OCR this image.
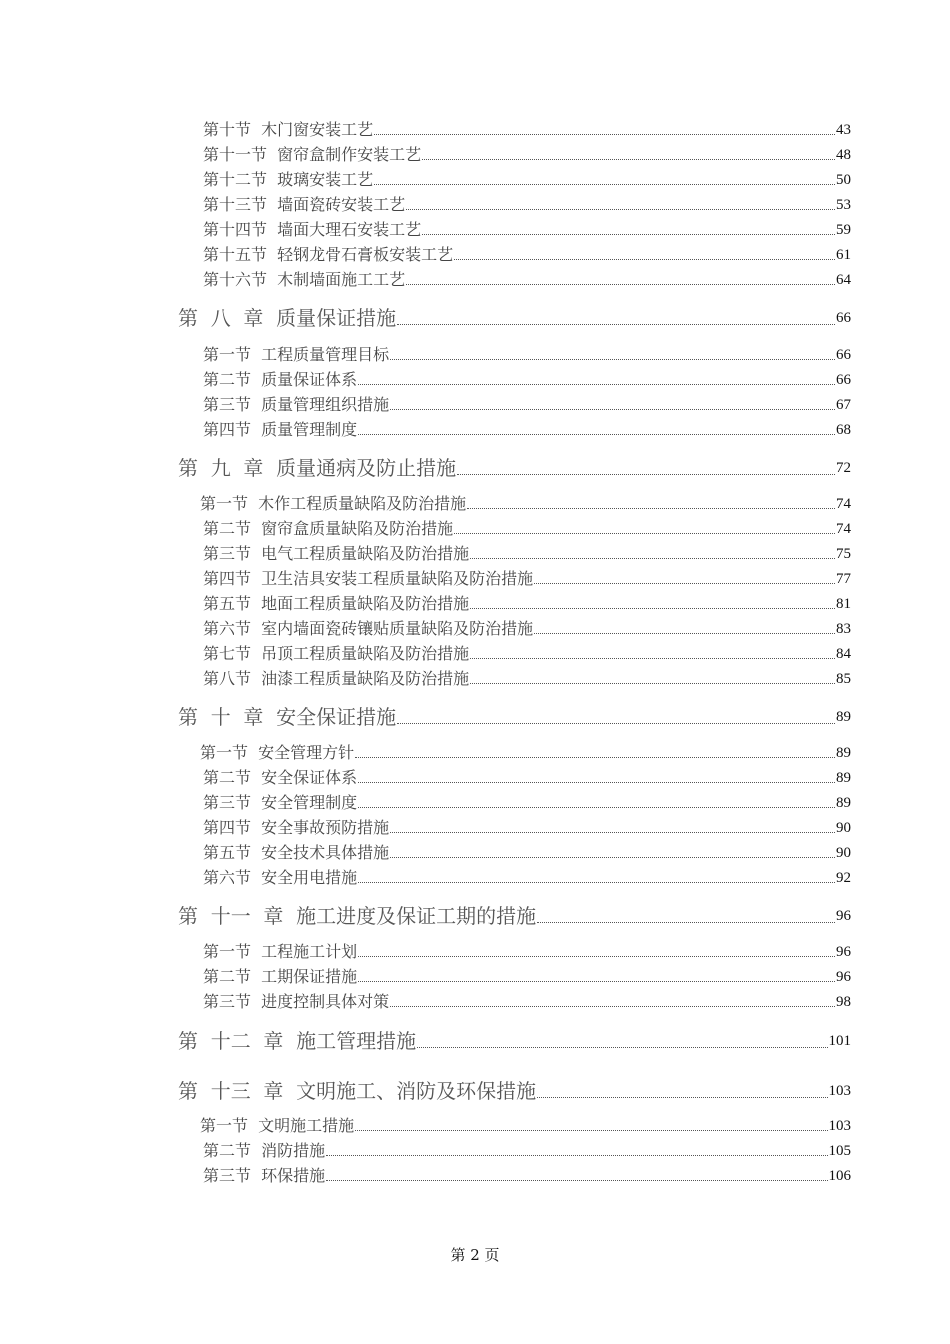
第十节  木门窗安装工艺	43
第十一节  窗帘盒制作安装工艺	48
第十二节  玻璃安装工艺	50
第十三节  墙面瓷砖安装工艺	53
第十四节  墙面大理石安装工艺	59
第十五节  轻钢龙骨石膏板安装工艺	61
第十六节  木制墙面施工工艺	64
第  八  章  质量保证措施	66
第一节  工程质量管理目标	66
第二节  质量保证体系	66
第三节  质量管理组织措施	67
第四节  质量管理制度	68
第  九  章  质量通病及防止措施	72
第一节  木作工程质量缺陷及防治措施	74
第二节  窗帘盒质量缺陷及防治措施	74
第三节  电气工程质量缺陷及防治措施	75
第四节  卫生洁具安装工程质量缺陷及防治措施	77
第五节  地面工程质量缺陷及防治措施	81
第六节  室内墙面瓷砖镶贴质量缺陷及防治措施	83
第七节  吊顶工程质量缺陷及防治措施	84
第八节  油漆工程质量缺陷及防治措施	85
第  十  章  安全保证措施	89
第一节  安全管理方针	89
第二节  安全保证体系	89
第三节  安全管理制度	89
第四节  安全事故预防措施	90
第五节  安全技术具体措施	90
第六节  安全用电措施	92
第  十一  章  施工进度及保证工期的措施	96
第一节  工程施工计划	96
第二节  工期保证措施	96
第三节  进度控制具体对策	98
第  十二  章  施工管理措施	101
第  十三  章  文明施工、消防及环保措施	103
第一节  文明施工措施	103
第二节  消防措施	105
第三节  环保措施	106
第 2 页
